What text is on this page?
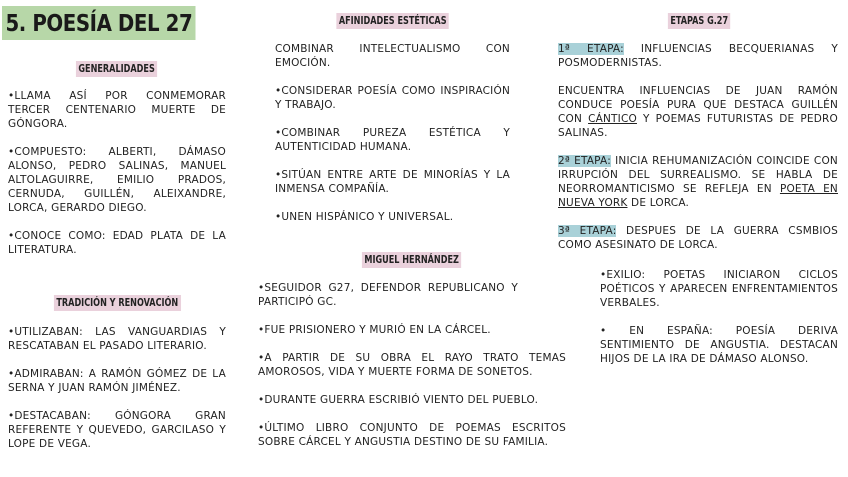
5. POESÍA DEL 27
GENERALIDADES

•LLAMA ASÍ POR CONMEMORAR TERCER CENTENARIO MUERTE DE GÓNGORA.

•COMPUESTO: ALBERTI, DÁMASO ALONSO, PEDRO SALINAS, MANUEL ALTOLAGUIRRE, EMILIO PRADOS, CERNUDA, GUILLÉN, ALEIXANDRE, LORCA, GERARDO DIEGO.

•CONOCE COMO: EDAD PLATA DE LA LITERATURA.

TRADICIÓN Y RENOVACIÓN

•UTILIZABAN: LAS VANGUARDIAS Y RESCATABAN EL PASADO LITERARIO.

•ADMIRABAN: A RAMÓN GÓMEZ DE LA SERNA Y JUAN RAMÓN JIMÉNEZ.

•DESTACABAN: GÓNGORA GRAN REFERENTE Y QUEVEDO, GARCILASO Y LOPE DE VEGA.

AFINIDADES ESTÉTICAS

COMBINAR INTELECTUALISMO CON EMOCIÓN.

•CONSIDERAR POESÍA COMO INSPIRACIÓN Y TRABAJO.

•COMBINAR PUREZA ESTÉTICA Y AUTENTICIDAD HUMANA.

•SITÚAN ENTRE ARTE DE MINORÍAS Y LA INMENSA COMPAÑÍA.

•UNEN HISPÁNICO Y UNIVERSAL.

MIGUEL HERNÁNDEZ

•SEGUIDOR G27, DEFENDOR REPUBLICANO Y PARTICIPÓ GC.

•FUE PRISIONERO Y MURIÓ EN LA CÁRCEL.

•A PARTIR DE SU OBRA EL RAYO TRATO TEMAS AMOROSOS, VIDA Y MUERTE FORMA DE SONETOS.

•DURANTE GUERRA ESCRIBIÓ VIENTO DEL PUEBLO.

•ÚLTIMO LIBRO CONJUNTO DE POEMAS ESCRITOS SOBRE CÁRCEL Y ANGUSTIA DESTINO DE SU FAMILIA.

ETAPAS G.27

1ª ETAPA: INFLUENCIAS BECQUERIANAS Y POSMODERNISTAS.

ENCUENTRA INFLUENCIAS DE JUAN RAMÓN CONDUCE POESÍA PURA QUE DESTACA GUILLÉN CON CÁNTICO Y POEMAS FUTURISTAS DE PEDRO SALINAS.

2ª ETAPA: INICIA REHUMANIZACIÓN COINCIDE CON IRRUPCIÓN DEL SURREALISMO. SE HABLA DE NEORROMANTICISMO SE REFLEJA EN POETA EN NUEVA YORK DE LORCA.

3ª ETAPA: DESPUES DE LA GUERRA CSMBIOS COMO ASESINATO DE LORCA.

•EXILIO: POETAS INICIARON CICLOS POÉTICOS Y APARECEN ENFRENTAMIENTOS VERBALES.

• EN ESPAÑA: POESÍA DERIVA SENTIMIENTO DE ANGUSTIA. DESTACAN HIJOS DE LA IRA DE DÁMASO ALONSO.
